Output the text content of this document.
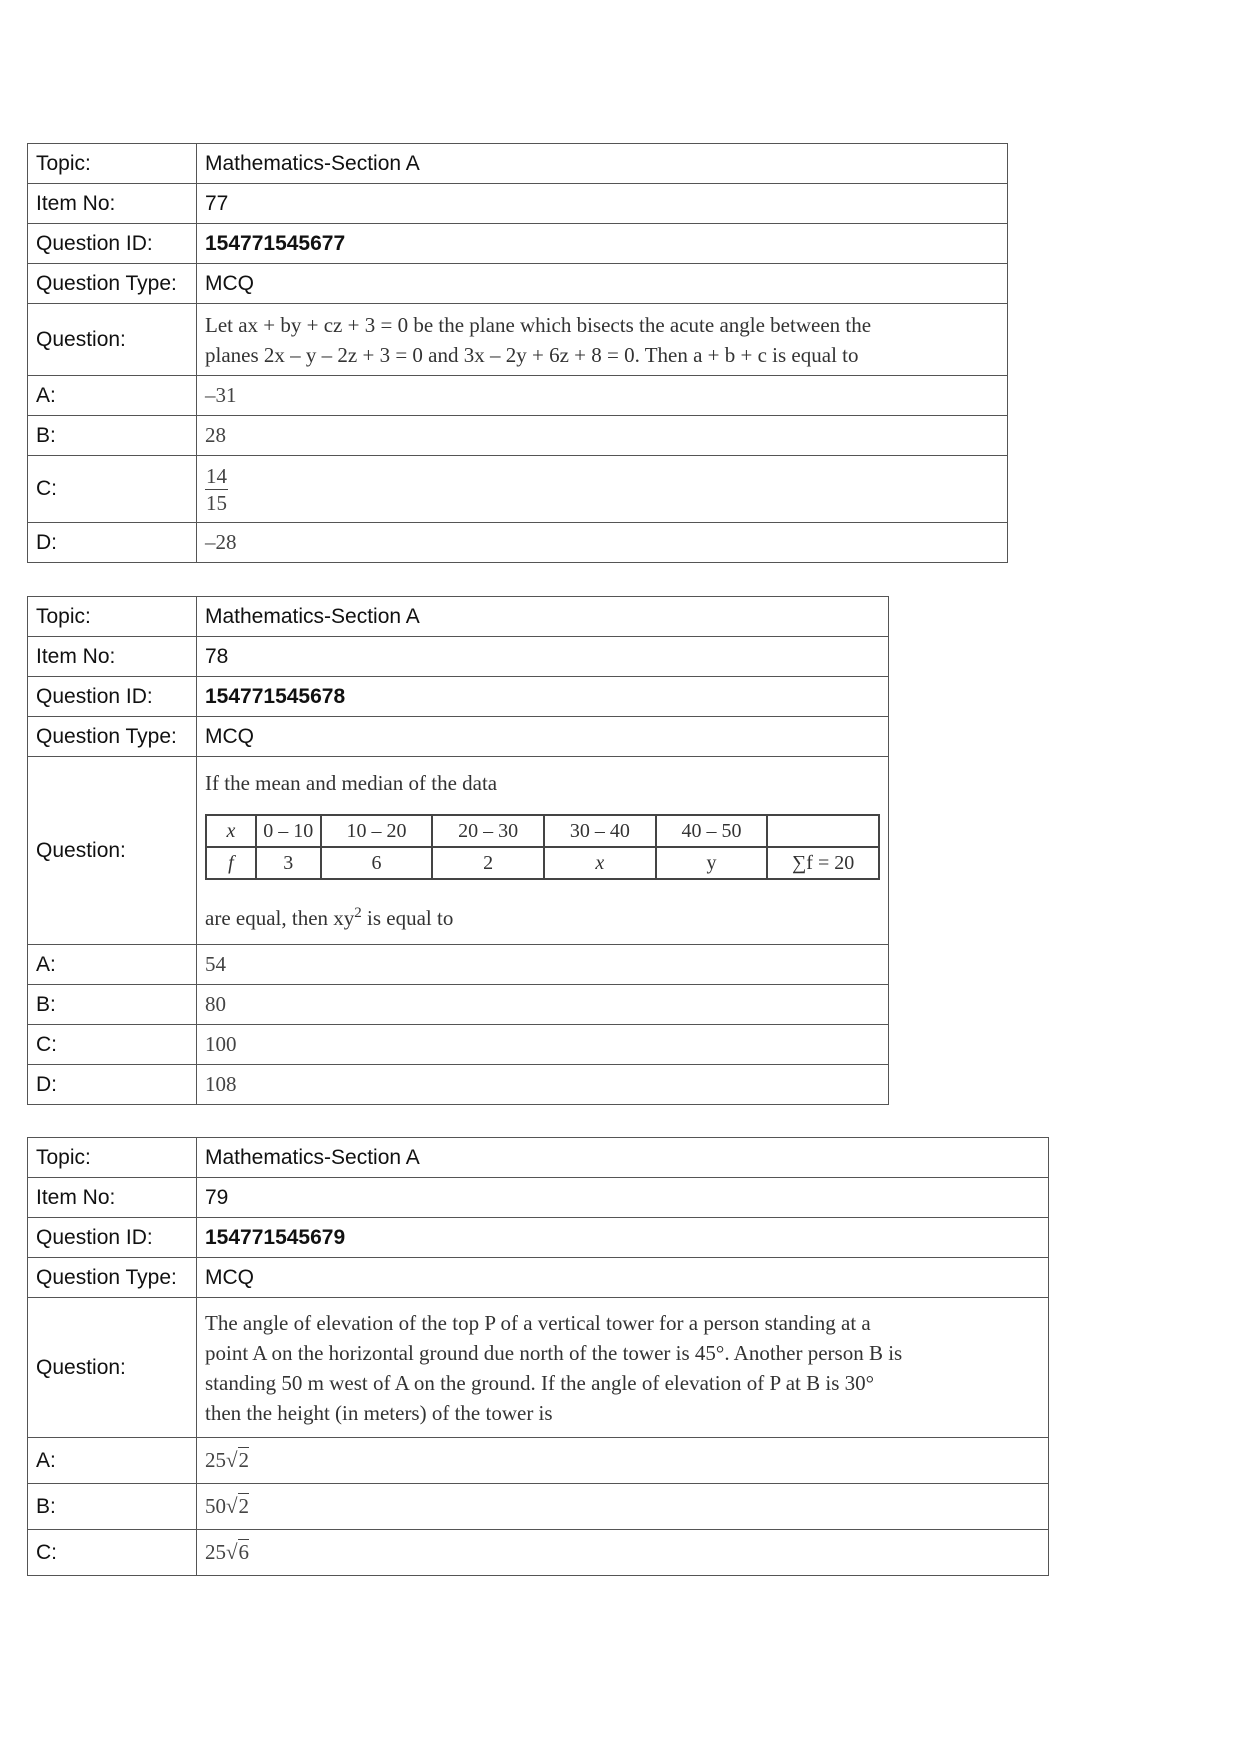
Topic:	Mathematics-Section A
Item No:	77
Question ID:	154771545677
Question Type:	MCQ
Question:	Let ax + by + cz + 3 = 0 be the plane which bisects the acute angle between the
planes 2x – y – 2z + 3 = 0 and 3x – 2y + 6z + 8 = 0. Then a + b + c is equal to

A:	–31
B:	28
C:	$\frac{14}{15}$

D:	–28
Topic:	Mathematics-Section A
Item No:	78
Question ID:	154771545678
Question Type:	MCQ
Question:	
If the mean and median of the data
x	0 – 10	10 – 20	20 – 30	30 – 40	40 – 50	
f	3	6	2	x	y	∑f = 20
are equal, then $xy^2$ is equal to

A:	54
B:	80
C:	100
D:	108
Topic:	Mathematics-Section A
Item No:	79
Question ID:	154771545679
Question Type:	MCQ
Question:	The angle of elevation of the top P of a vertical tower for a person standing at a
point A on the horizontal ground due north of the tower is 45°. Another person B is
standing 50 m west of A on the ground. If the angle of elevation of P at B is 30°
then the height (in meters) of the tower is

A:	25√2
B:	50√2
C:	25√6
